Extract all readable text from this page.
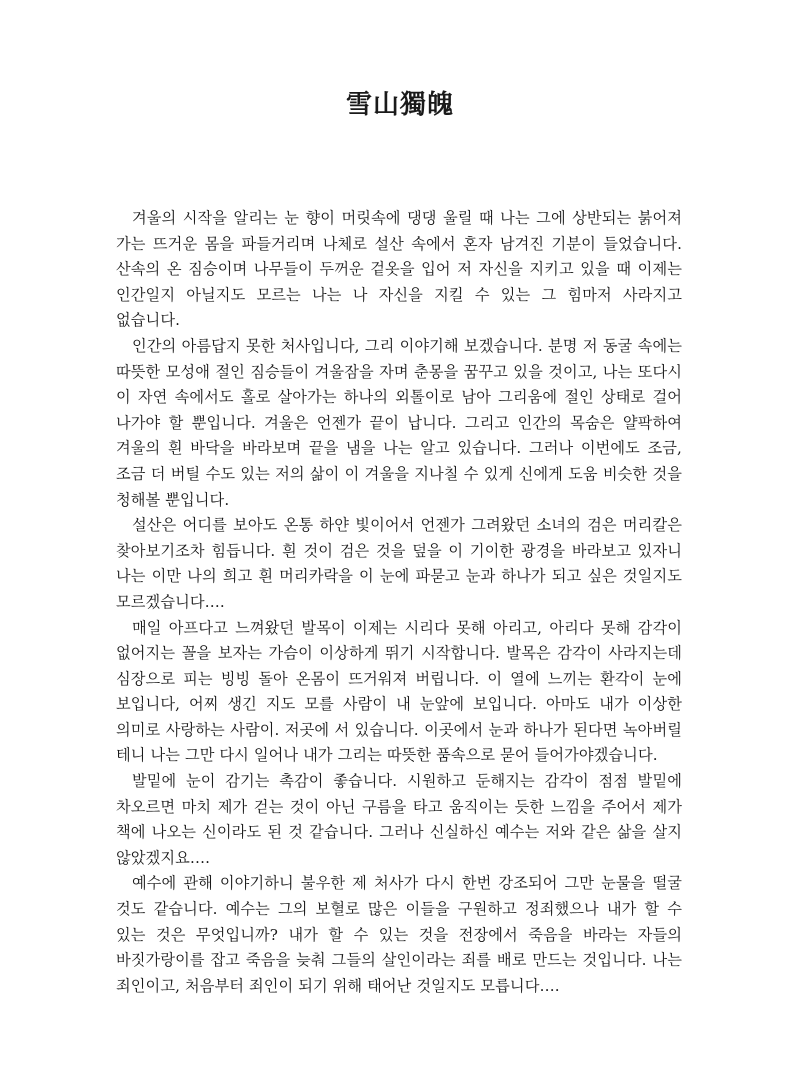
雪山獨魄

겨울의 시작을 알리는 눈 향이 머릿속에 댕댕 울릴 때 나는 그에 상반되는 붉어져 가는 뜨거운 몸을 파들거리며 나체로 설산 속에서 혼자 남겨진 기분이 들었습니다. 산속의 온 짐승이며 나무들이 두꺼운 겉옷을 입어 저 자신을 지키고 있을 때 이제는 인간일지 아닐지도 모르는 나는 나 자신을 지킬 수 있는 그 힘마저 사라지고 없습니다.

인간의 아름답지 못한 처사입니다, 그리 이야기해 보겠습니다. 분명 저 동굴 속에는 따뜻한 모성애 절인 짐승들이 겨울잠을 자며 춘몽을 꿈꾸고 있을 것이고, 나는 또다시 이 자연 속에서도 홀로 살아가는 하나의 외톨이로 남아 그리움에 절인 상태로 걸어 나가야 할 뿐입니다. 겨울은 언젠가 끝이 납니다. 그리고 인간의 목숨은 얄팍하여 겨울의 흰 바닥을 바라보며 끝을 냄을 나는 알고 있습니다. 그러나 이번에도 조금, 조금 더 버틸 수도 있는 저의 삶이 이 겨울을 지나칠 수 있게 신에게 도움 비슷한 것을 청해볼 뿐입니다.

설산은 어디를 보아도 온통 하얀 빛이어서 언젠가 그려왔던 소녀의 검은 머리칼은 찾아보기조차 힘듭니다. 흰 것이 검은 것을 덮을 이 기이한 광경을 바라보고 있자니 나는 이만 나의 희고 흰 머리카락을 이 눈에 파묻고 눈과 하나가 되고 싶은 것일지도 모르겠습니다….

매일 아프다고 느껴왔던 발목이 이제는 시리다 못해 아리고, 아리다 못해 감각이 없어지는 꼴을 보자는 가슴이 이상하게 뛰기 시작합니다. 발목은 감각이 사라지는데 심장으로 피는 빙빙 돌아 온몸이 뜨거워져 버립니다. 이 열에 느끼는 환각이 눈에 보입니다, 어찌 생긴 지도 모를 사람이 내 눈앞에 보입니다. 아마도 내가 이상한 의미로 사랑하는 사람이. 저곳에 서 있습니다. 이곳에서 눈과 하나가 된다면 녹아버릴 테니 나는 그만 다시 일어나 내가 그리는 따뜻한 품속으로 묻어 들어가야겠습니다.

발밑에 눈이 감기는 촉감이 좋습니다. 시원하고 둔해지는 감각이 점점 발밑에 차오르면 마치 제가 걷는 것이 아닌 구름을 타고 움직이는 듯한 느낌을 주어서 제가 책에 나오는 신이라도 된 것 같습니다. 그러나 신실하신 예수는 저와 같은 삶을 살지 않았겠지요….

예수에 관해 이야기하니 불우한 제 처사가 다시 한번 강조되어 그만 눈물을 떨굴 것도 같습니다. 예수는 그의 보혈로 많은 이들을 구원하고 정죄했으나 내가 할 수 있는 것은 무엇입니까? 내가 할 수 있는 것을 전장에서 죽음을 바라는 자들의 바짓가랑이를 잡고 죽음을 늦춰 그들의 살인이라는 죄를 배로 만드는 것입니다. 나는 죄인이고, 처음부터 죄인이 되기 위해 태어난 것일지도 모릅니다….
